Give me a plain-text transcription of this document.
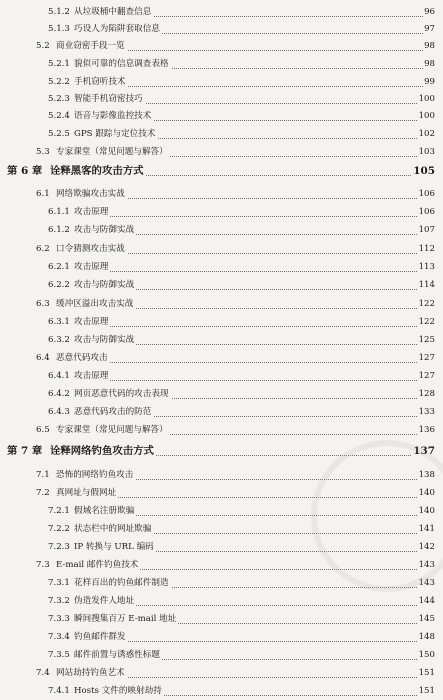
5.1.2 从垃圾桶中翻查信息	96
5.1.3 巧设人为陷阱套取信息	97
5.2 商业窃密手段一览	98
5.2.1 貌似可靠的信息调查表格	98
5.2.2 手机窃听技术	99
5.2.3 智能手机窃密技巧	100
5.2.4 语音与影像监控技术	100
5.2.5 GPS 跟踪与定位技术	102
5.3 专家课堂（常见问题与解答）	103
第 6 章 诠释黑客的攻击方式	105
6.1 网络欺骗攻击实战	106
6.1.1 攻击原理	106
6.1.2 攻击与防御实战	107
6.2 口令猜测攻击实战	112
6.2.1 攻击原理	113
6.2.2 攻击与防御实战	114
6.3 缓冲区溢出攻击实战	122
6.3.1 攻击原理	122
6.3.2 攻击与防御实战	125
6.4 恶意代码攻击	127
6.4.1 攻击原理	127
6.4.2 网页恶意代码的攻击表现	128
6.4.3 恶意代码攻击的防范	133
6.5 专家课堂（常见问题与解答）	136
第 7 章 诠释网络钓鱼攻击方式	137
7.1 恐怖的网络钓鱼攻击	138
7.2 真网址与假网址	140
7.2.1 假域名注册欺骗	140
7.2.2 状态栏中的网址欺骗	141
7.2.3 IP 转换与 URL 编码	142
7.3 E-mail 邮件钓鱼技术	143
7.3.1 花样百出的钓鱼邮件制造	143
7.3.2 伪造发件人地址	144
7.3.3 瞬间搜集百万 E-mail 地址	145
7.3.4 钓鱼邮件群发	148
7.3.5 邮件前置与诱惑性标题	150
7.4 网站劫持钓鱼艺术	151
7.4.1 Hosts 文件的映射劫持	151
